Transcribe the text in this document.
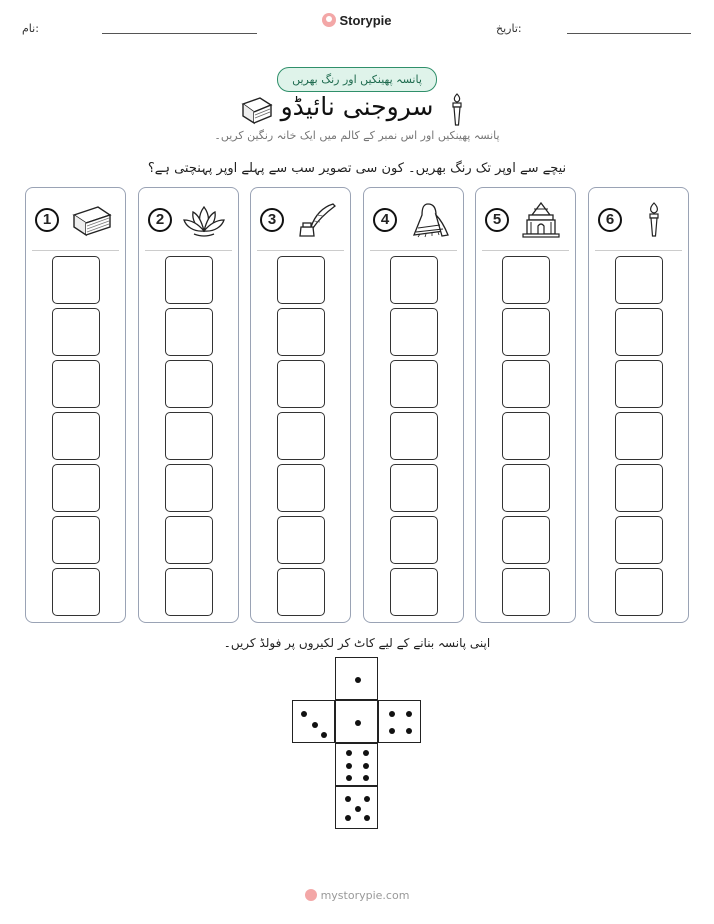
نام:
Storypie
تاریخ:
پانسہ پھینکیں اور رنگ بھریں
سروجنی نائیڈو
پانسہ پھینکیں اور اس نمبر کے کالم میں ایک خانہ رنگین کریں۔
نیچے سے اوپر تک رنگ بھریں۔ کون سی تصویر سب سے پہلے اوپر پہنچتی ہے؟
1	2	3	4	5	6
اپنی پانسہ بنانے کے لیے کاٹ کر لکیروں پر فولڈ کریں۔
mystorypie.com
